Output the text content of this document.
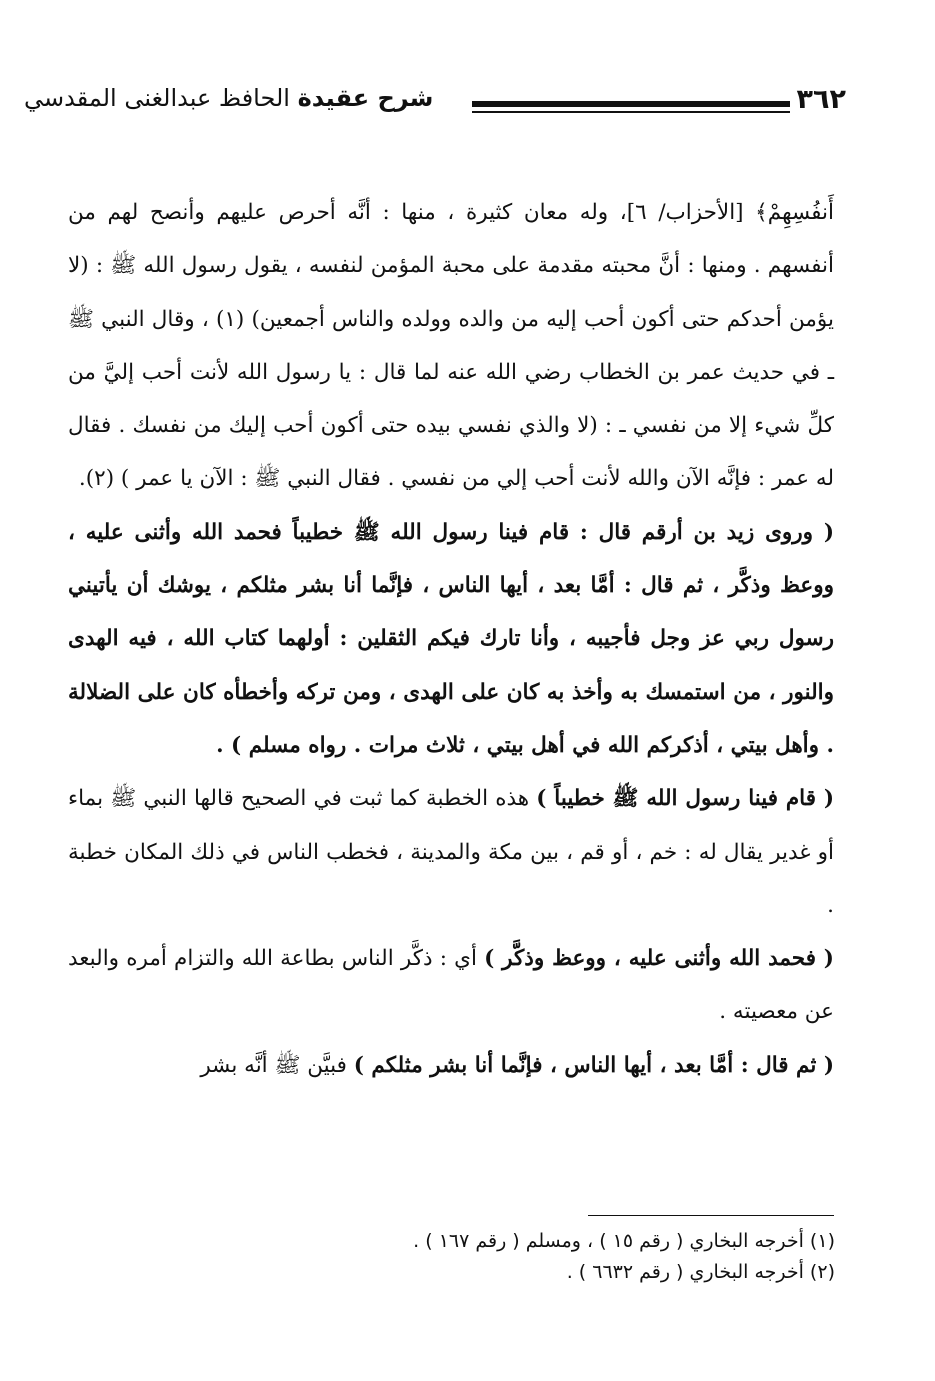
٣٦٢
شرح عقيدة الحافظ عبدالغنى المقدسي

أَنفُسِهِمْ﴾ [الأحزاب/ ٦]، وله معان كثيرة ، منها : أنَّه أحرص عليهم وأنصح لهم من أنفسهم . ومنها : أنَّ محبته مقدمة على محبة المؤمن لنفسه ، يقول رسول الله ﷺ : (لا يؤمن أحدكم حتى أكون أحب إليه من والده وولده والناس أجمعين) (١) ، وقال النبي ﷺ ـ في حديث عمر بن الخطاب رضي الله عنه لما قال : يا رسول الله لأنت أحب إليَّ من كلِّ شيء إلا من نفسي ـ : (لا والذي نفسي بيده حتى أكون أحب إليك من نفسك . فقال له عمر : فإنَّه الآن والله لأنت أحب إلي من نفسي . فقال النبي ﷺ : الآن يا عمر ) (٢).

( وروى زيد بن أرقم قال : قام فينا رسول الله ﷺ خطيباً فحمد الله وأثنى عليه ، ووعظ وذكَّر ، ثم قال : أمَّا بعد ، أيها الناس ، فإنَّما أنا بشر مثلكم ، يوشك أن يأتيني رسول ربي عز وجل فأجيبه ، وأنا تارك فيكم الثقلين : أولهما كتاب الله ، فيه الهدى والنور ، من استمسك به وأخذ به كان على الهدى ، ومن تركه وأخطأه كان على الضلالة . وأهل بيتي ، أذكركم الله في أهل بيتي ، ثلاث مرات . رواه مسلم ) .

( قام فينا رسول الله ﷺ خطيباً ) هذه الخطبة كما ثبت في الصحيح قالها النبي ﷺ بماء أو غدير يقال له : خم ، أو قم ، بين مكة والمدينة ، فخطب الناس في ذلك المكان خطبة .

( فحمد الله وأثنى عليه ، ووعظ وذكَّر ) أي : ذكَّر الناس بطاعة الله والتزام أمره والبعد عن معصيته .

( ثم قال : أمَّا بعد ، أيها الناس ، فإنَّما أنا بشر مثلكم ) فبيَّن ﷺ أنَّه بشر

(١) أخرجه البخاري ( رقم ١٥ ) ، ومسلم ( رقم ١٦٧ ) .

(٢) أخرجه البخاري ( رقم ٦٦٣٢ ) .
